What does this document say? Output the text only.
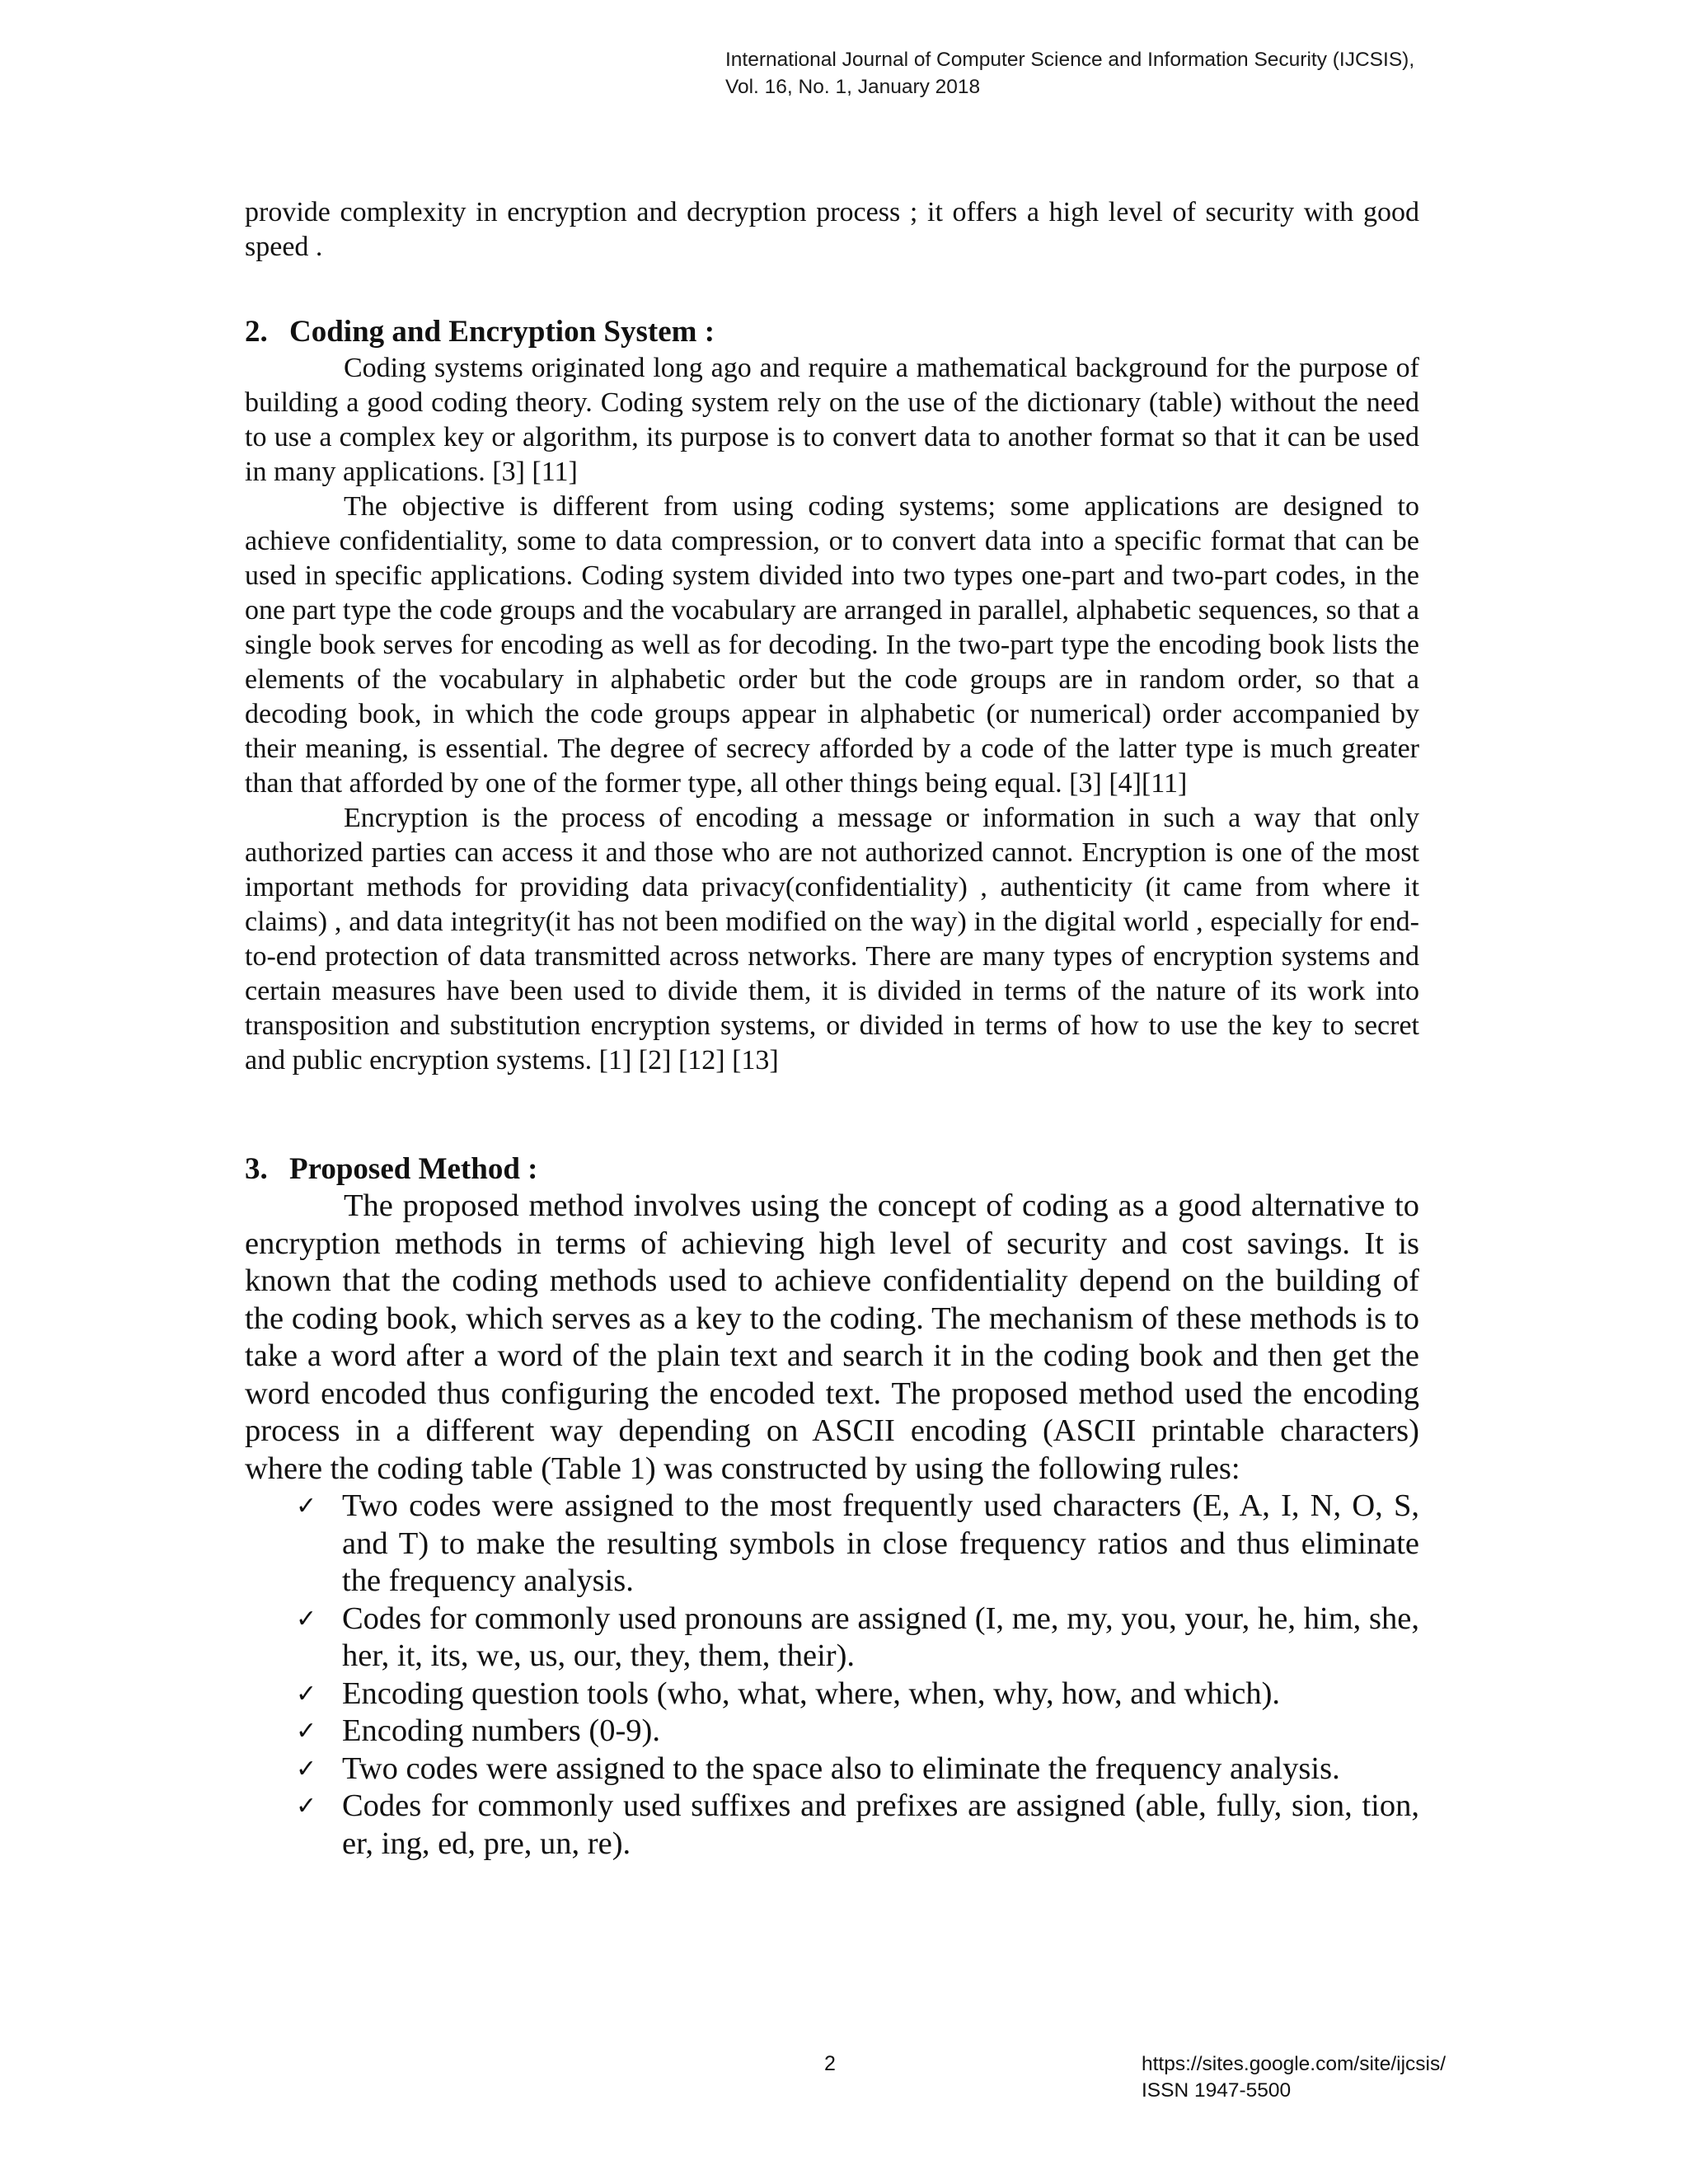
International Journal of Computer Science and Information Security (IJCSIS),
Vol. 16, No. 1, January 2018

provide complexity in encryption and decryption process ; it offers a high level of security with good speed .

2. Coding and Encryption System :

Coding systems originated long ago and require a mathematical background for the purpose of building a good coding theory. Coding system rely on the use of the dictionary (table) without the need to use a complex key or algorithm, its purpose is to convert data to another format so that it can be used in many applications. [3] [11]

The objective is different from using coding systems; some applications are designed to achieve confidentiality, some to data compression, or to convert data into a specific format that can be used in specific applications. Coding system divided into two types one-part and two-part codes, in the one part type the code groups and the vocabulary are arranged in parallel, alphabetic sequences, so that a single book serves for encoding as well as for decoding. In the two-part type the encoding book lists the elements of the vocabulary in alphabetic order but the code groups are in random order, so that a decoding book, in which the code groups appear in alphabetic (or numerical) order accompanied by their meaning, is essential. The degree of secrecy afforded by a code of the latter type is much greater than that afforded by one of the former type, all other things being equal. [3] [4][11]

Encryption is the process of encoding a message or information in such a way that only authorized parties can access it and those who are not authorized cannot. Encryption is one of the most important methods for providing data privacy(confidentiality) , authenticity (it came from where it claims) , and data integrity(it has not been modified on the way) in the digital world , especially for end-to-end protection of data transmitted across networks. There are many types of encryption systems and certain measures have been used to divide them, it is divided in terms of the nature of its work into transposition and substitution encryption systems, or divided in terms of how to use the key to secret and public encryption systems. [1] [2] [12] [13]

3. Proposed Method :

The proposed method involves using the concept of coding as a good alternative to encryption methods in terms of achieving high level of security and cost savings. It is known that the coding methods used to achieve confidentiality depend on the building of the coding book, which serves as a key to the coding. The mechanism of these methods is to take a word after a word of the plain text and search it in the coding book and then get the word encoded thus configuring the encoded text. The proposed method used the encoding process in a different way depending on ASCII encoding (ASCII printable characters) where the coding table (Table 1) was constructed by using the following rules:

✓ Two codes were assigned to the most frequently used characters (E, A, I, N, O, S, and T) to make the resulting symbols in close frequency ratios and thus eliminate the frequency analysis.
✓ Codes for commonly used pronouns are assigned (I, me, my, you, your, he, him, she, her, it, its, we, us, our, they, them, their).
✓ Encoding question tools (who, what, where, when, why, how, and which).
✓ Encoding numbers (0-9).
✓ Two codes were assigned to the space also to eliminate the frequency analysis.
✓ Codes for commonly used suffixes and prefixes are assigned (able, fully, sion, tion, er, ing, ed, pre, un, re).
2	https://sites.google.com/site/ijcsis/
ISSN 1947-5500
